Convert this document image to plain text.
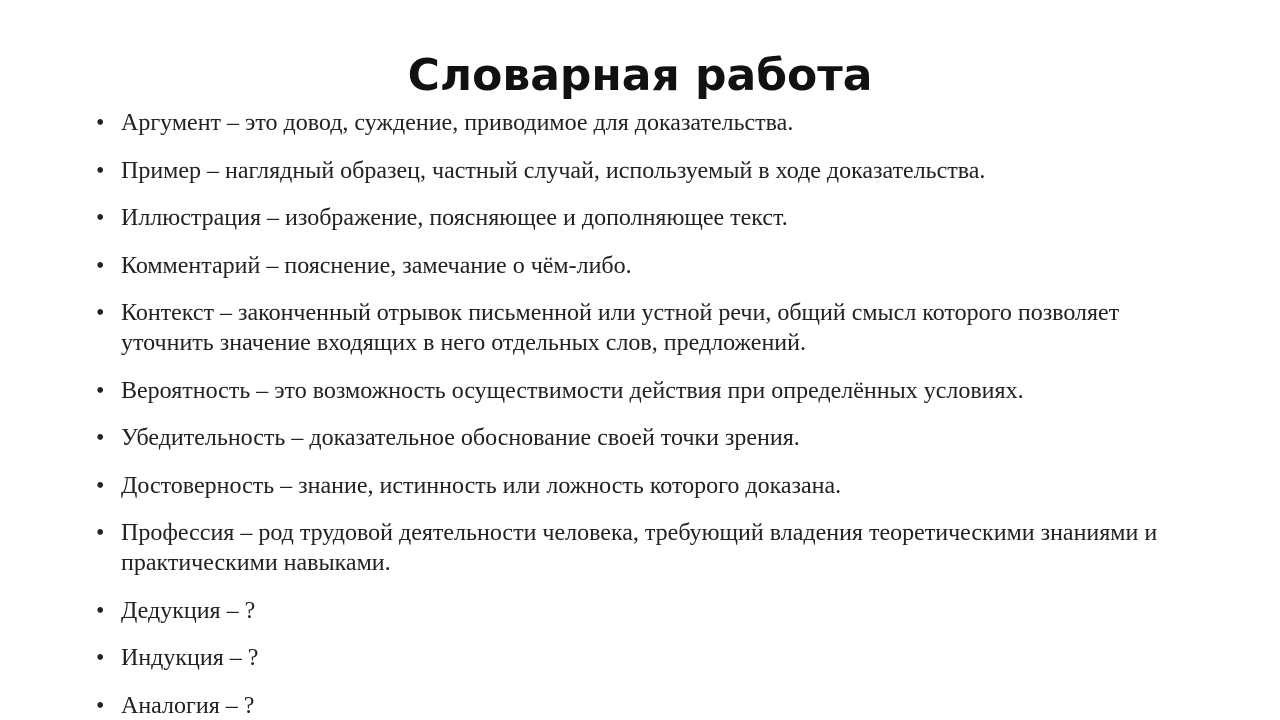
Словарная работа
• Аргумент – это довод, суждение, приводимое для доказательства.
• Пример – наглядный образец, частный случай, используемый в ходе доказательства.
• Иллюстрация – изображение, поясняющее и дополняющее текст.
• Комментарий – пояснение, замечание о чём-либо.
• Контекст – законченный отрывок письменной или устной речи, общий смысл которого позволяет уточнить значение входящих в него отдельных слов, предложений.
• Вероятность – это возможность осуществимости действия при определённых условиях.
• Убедительность – доказательное обоснование своей точки зрения.
• Достоверность – знание, истинность или ложность которого доказана.
• Профессия – род трудовой деятельности человека, требующий владения теоретическими знаниями и практическими навыками.
• Дедукция – ?
• Индукция – ?
• Аналогия – ?
